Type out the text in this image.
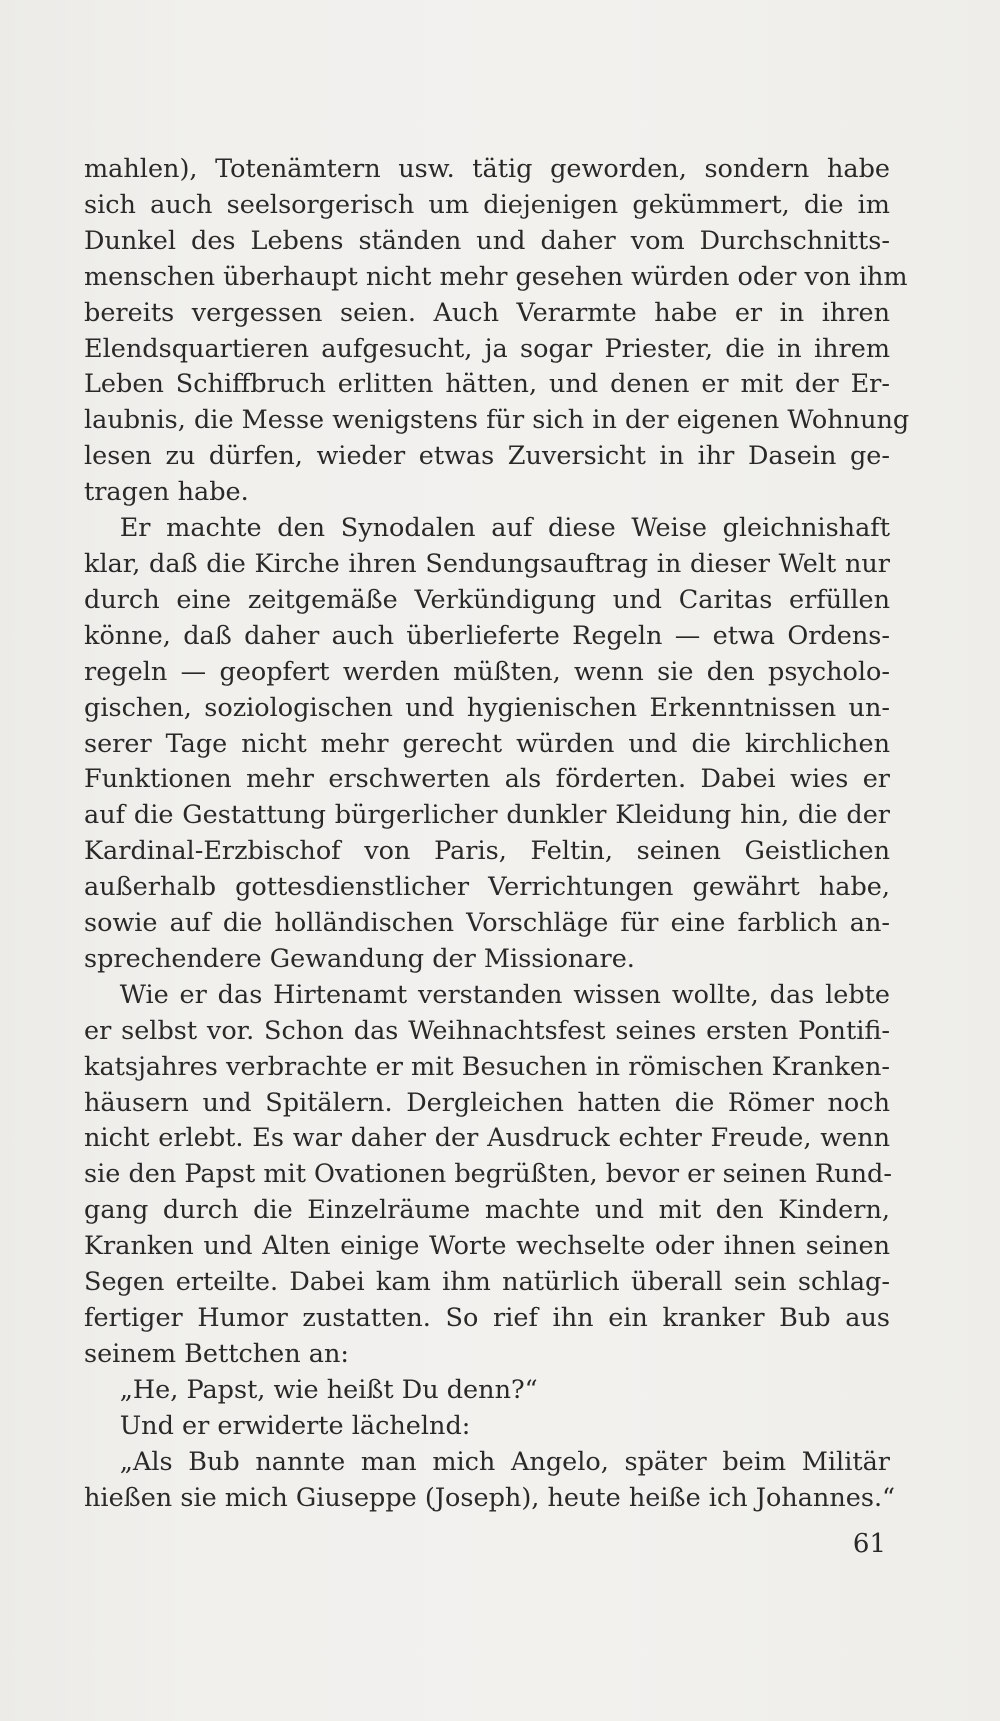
mahlen), Totenämtern usw. tätig geworden, sondern habe
sich auch seelsorgerisch um diejenigen gekümmert, die im
Dunkel des Lebens ständen und daher vom Durchschnitts-
menschen überhaupt nicht mehr gesehen würden oder von ihm
bereits vergessen seien. Auch Verarmte habe er in ihren
Elendsquartieren aufgesucht, ja sogar Priester, die in ihrem
Leben Schiffbruch erlitten hätten, und denen er mit der Er-
laubnis, die Messe wenigstens für sich in der eigenen Wohnung
lesen zu dürfen, wieder etwas Zuversicht in ihr Dasein ge-
tragen habe.

Er machte den Synodalen auf diese Weise gleichnishaft
klar, daß die Kirche ihren Sendungsauftrag in dieser Welt nur
durch eine zeitgemäße Verkündigung und Caritas erfüllen
könne, daß daher auch überlieferte Regeln — etwa Ordens-
regeln — geopfert werden müßten, wenn sie den psycholo-
gischen, soziologischen und hygienischen Erkenntnissen un-
serer Tage nicht mehr gerecht würden und die kirchlichen
Funktionen mehr erschwerten als förderten. Dabei wies er
auf die Gestattung bürgerlicher dunkler Kleidung hin, die der
Kardinal-Erzbischof von Paris, Feltin, seinen Geistlichen
außerhalb gottesdienstlicher Verrichtungen gewährt habe,
sowie auf die holländischen Vorschläge für eine farblich an-
sprechendere Gewandung der Missionare.

Wie er das Hirtenamt verstanden wissen wollte, das lebte
er selbst vor. Schon das Weihnachtsfest seines ersten Pontifi-
katsjahres verbrachte er mit Besuchen in römischen Kranken-
häusern und Spitälern. Dergleichen hatten die Römer noch
nicht erlebt. Es war daher der Ausdruck echter Freude, wenn
sie den Papst mit Ovationen begrüßten, bevor er seinen Rund-
gang durch die Einzelräume machte und mit den Kindern,
Kranken und Alten einige Worte wechselte oder ihnen seinen
Segen erteilte. Dabei kam ihm natürlich überall sein schlag-
fertiger Humor zustatten. So rief ihn ein kranker Bub aus
seinem Bettchen an:

„He, Papst, wie heißt Du denn?“

Und er erwiderte lächelnd:

„Als Bub nannte man mich Angelo, später beim Militär
hießen sie mich Giuseppe (Joseph), heute heiße ich Johannes.“

61
